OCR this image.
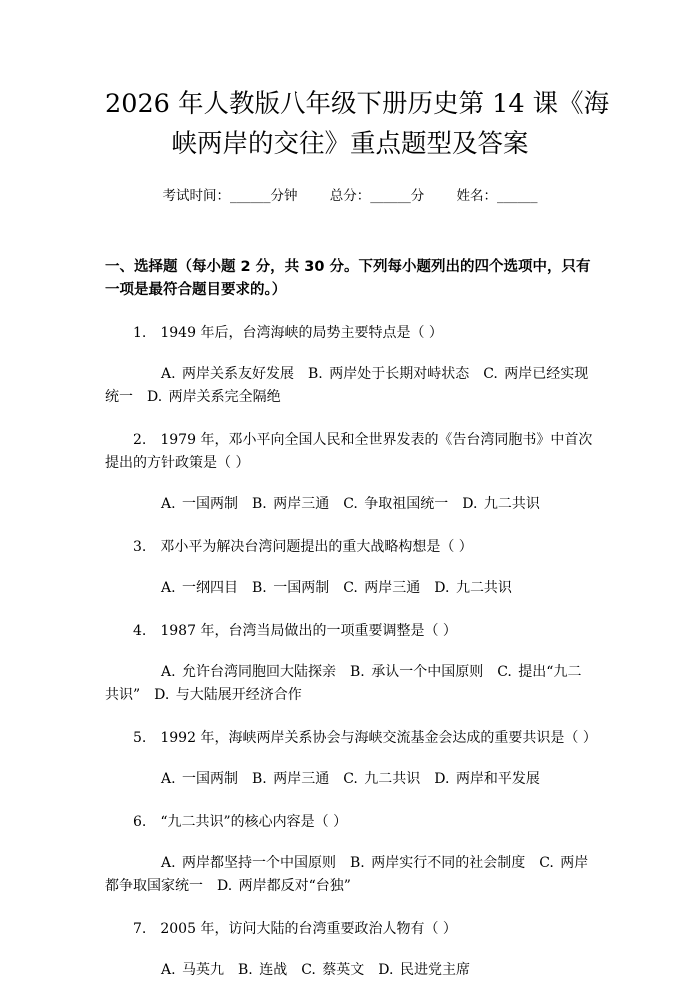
2026 年人教版八年级下册历史第 14 课《海
峡两岸的交往》重点题型及答案
考试时间：______分钟 总分：______分 姓名：______
一、选择题（每小题 2 分，共 30 分。下列每小题列出的四个选项中，只有一项是最符合题目要求的。）
1. 1949 年后，台湾海峡的局势主要特点是（ ）
A. 两岸关系友好发展　B. 两岸处于长期对峙状态　C. 两岸已经实现统一　D. 两岸关系完全隔绝
2. 1979 年，邓小平向全国人民和全世界发表的《告台湾同胞书》中首次提出的方针政策是（ ）
A. 一国两制　B. 两岸三通　C. 争取祖国统一　D. 九二共识
3. 邓小平为解决台湾问题提出的重大战略构想是（ ）
A. 一纲四目　B. 一国两制　C. 两岸三通　D. 九二共识
4. 1987 年，台湾当局做出的一项重要调整是（ ）
A. 允许台湾同胞回大陆探亲　B. 承认一个中国原则　C. 提出“九二共识”　D. 与大陆展开经济合作
5. 1992 年，海峡两岸关系协会与海峡交流基金会达成的重要共识是（ ）
A. 一国两制　B. 两岸三通　C. 九二共识　D. 两岸和平发展
6. “九二共识”的核心内容是（ ）
A. 两岸都坚持一个中国原则　B. 两岸实行不同的社会制度　C. 两岸都争取国家统一　D. 两岸都反对“台独”
7. 2005 年，访问大陆的台湾重要政治人物有（ ）
A. 马英九　B. 连战　C. 蔡英文　D. 民进党主席
